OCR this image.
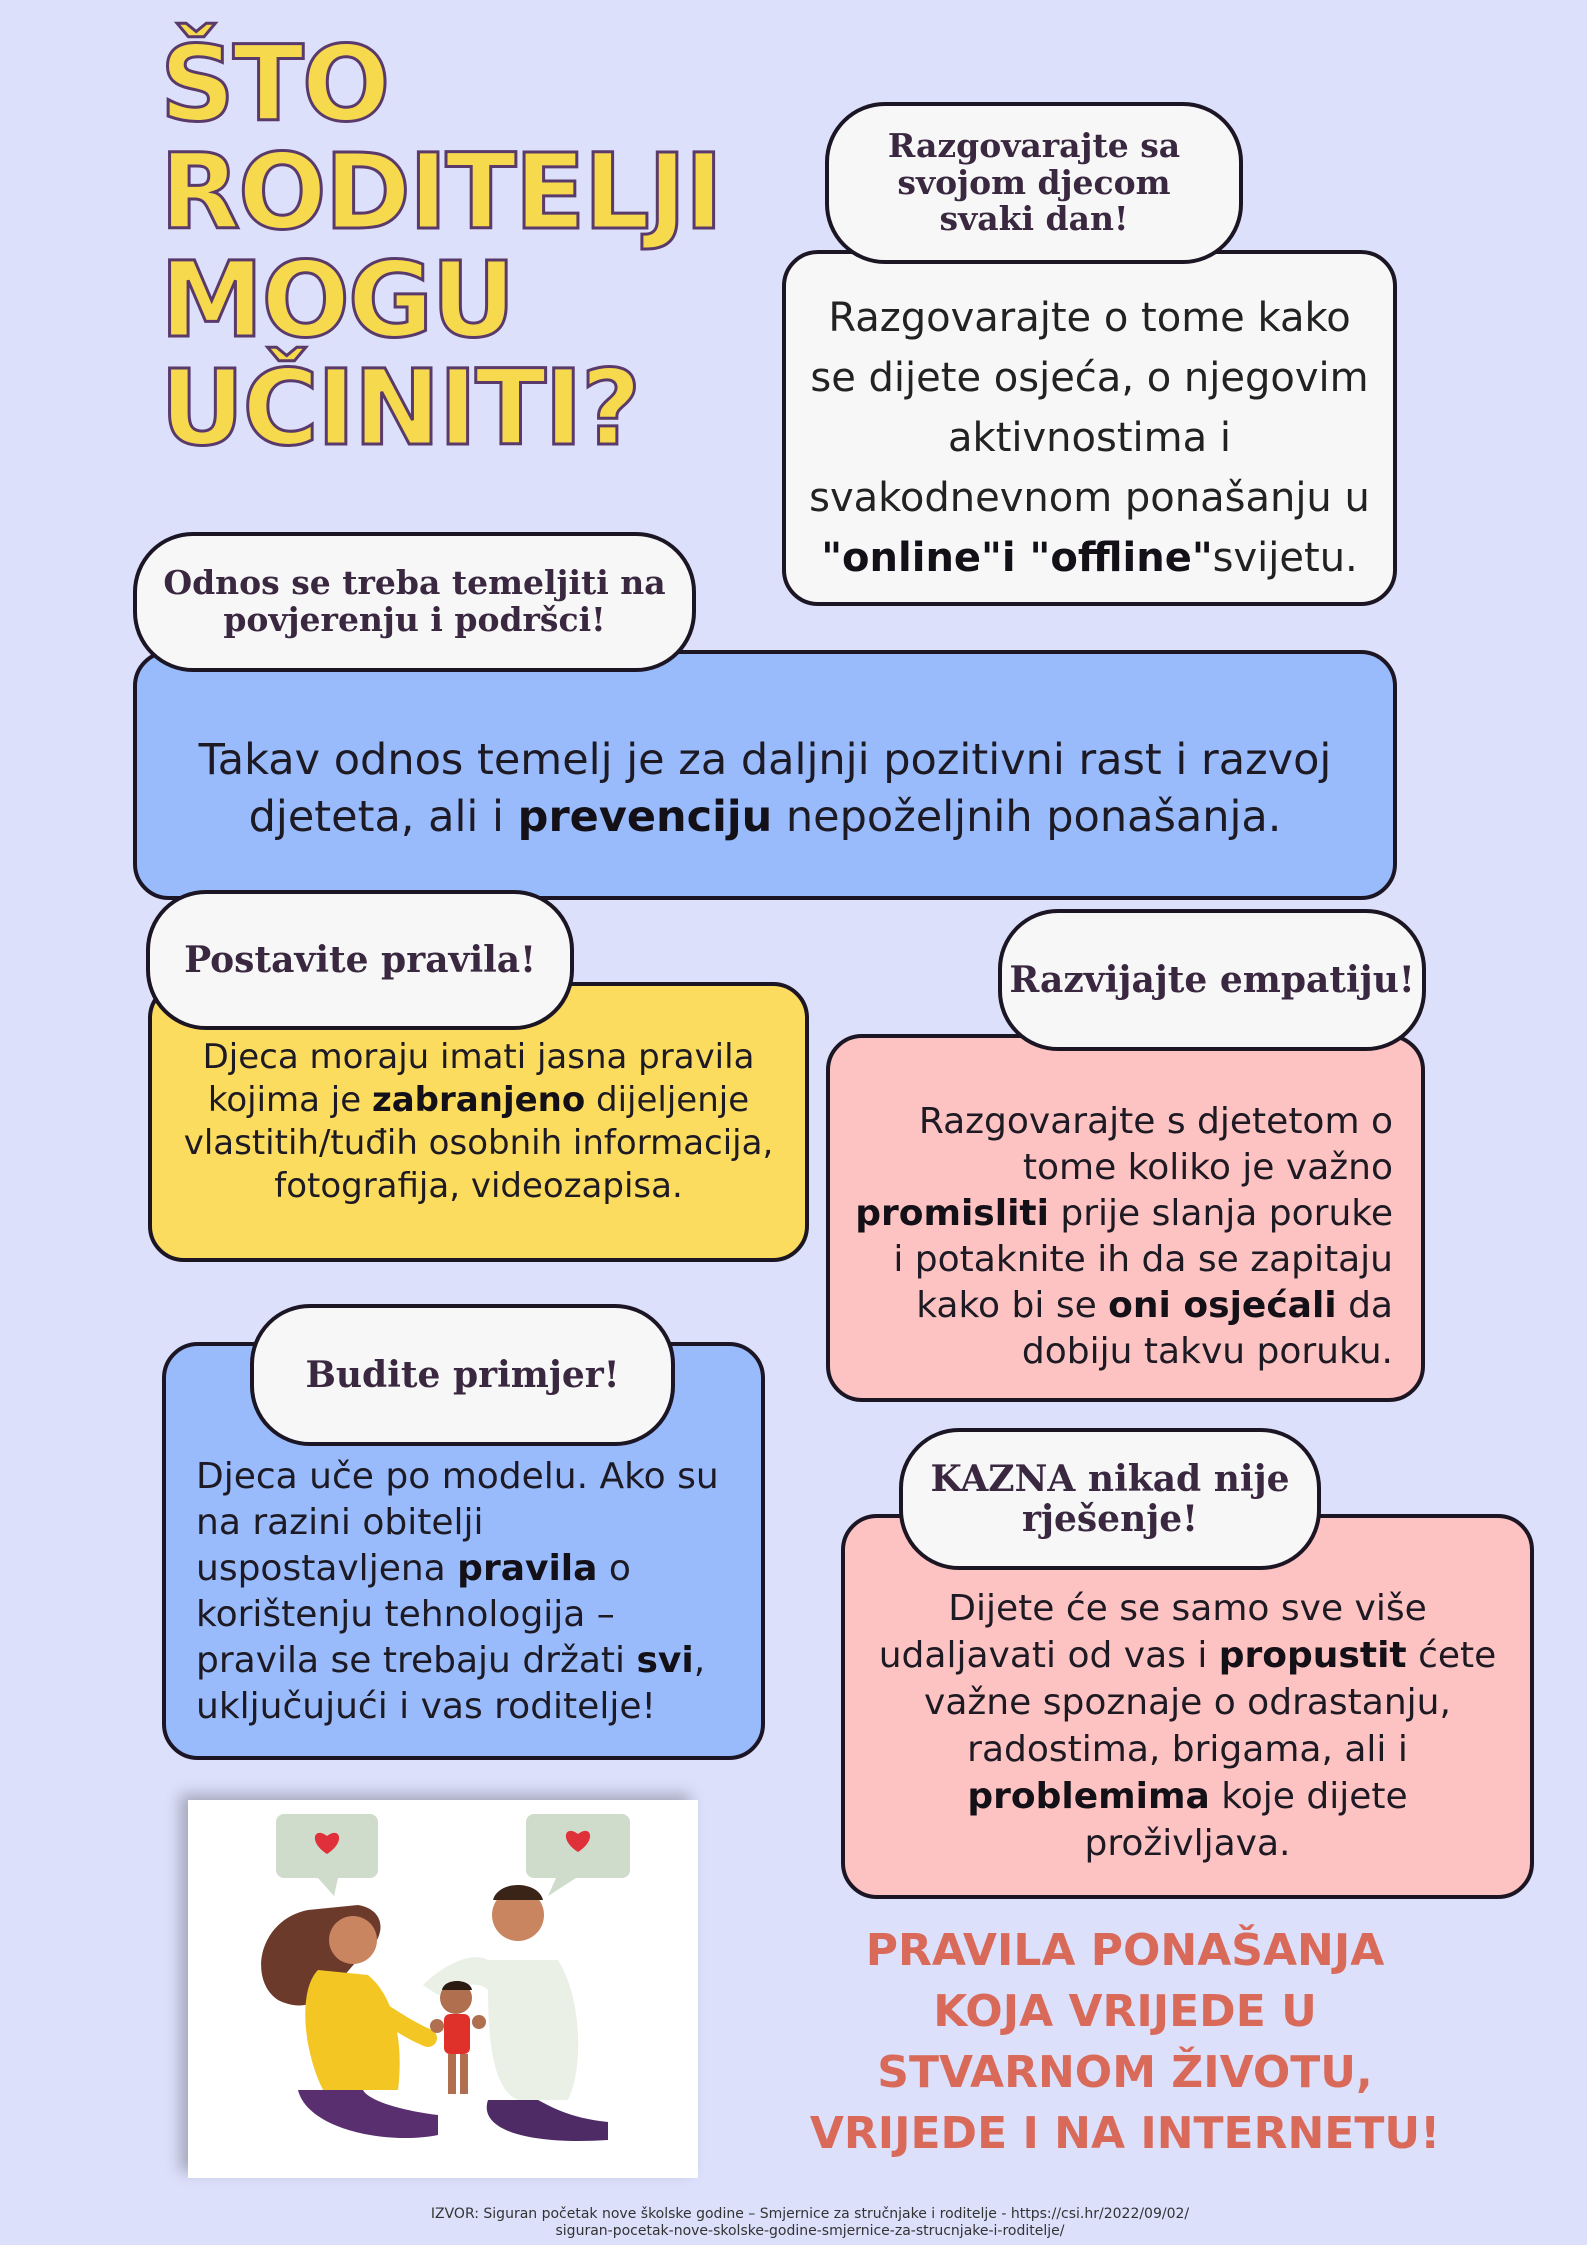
ŠTO
RODITELJI
MOGU
UČINITI?
Razgovarajte o tome kako se dijete osjeća, o njegovim aktivnostima i svakodnevnom ponašanju u "online"i "offline"svijetu.
Razgovarajte sa svojom djecom svaki dan!
Takav odnos temelj je za daljnji pozitivni rast i razvoj djeteta, ali i prevenciju nepoželjnih ponašanja.
Odnos se treba temeljiti na povjerenju i podršci!
Djeca moraju imati jasna pravila kojima je zabranjeno dijeljenje vlastitih/tuđih osobnih informacija, fotografija, videozapisa.
Postavite pravila!
Razgovarajte s djetetom o tome koliko je važno promisliti prije slanja poruke i potaknite ih da se zapitaju kako bi se oni osjećali da dobiju takvu poruku.
Razvijajte empatiju!
Djeca uče po modelu. Ako su na razini obitelji uspostavljena pravila o korištenju tehnologija – pravila se trebaju držati svi, uključujući i vas roditelje!
Budite primjer!
Dijete će se samo sve više udaljavati od vas i propustit ćete važne spoznaje o odrastanju, radostima, brigama, ali i problemima koje dijete proživljava.
KAZNA nikad nije rješenje!
PRAVILA PONAŠANJA
KOJA VRIJEDE U
STVARNOM ŽIVOTU,
VRIJEDE I NA INTERNETU!
IZVOR: Siguran početak nove školske godine – Smjernice za stručnjake i roditelje - https://csi.hr/2022/09/02/
siguran-pocetak-nove-skolske-godine-smjernice-za-strucnjake-i-roditelje/
